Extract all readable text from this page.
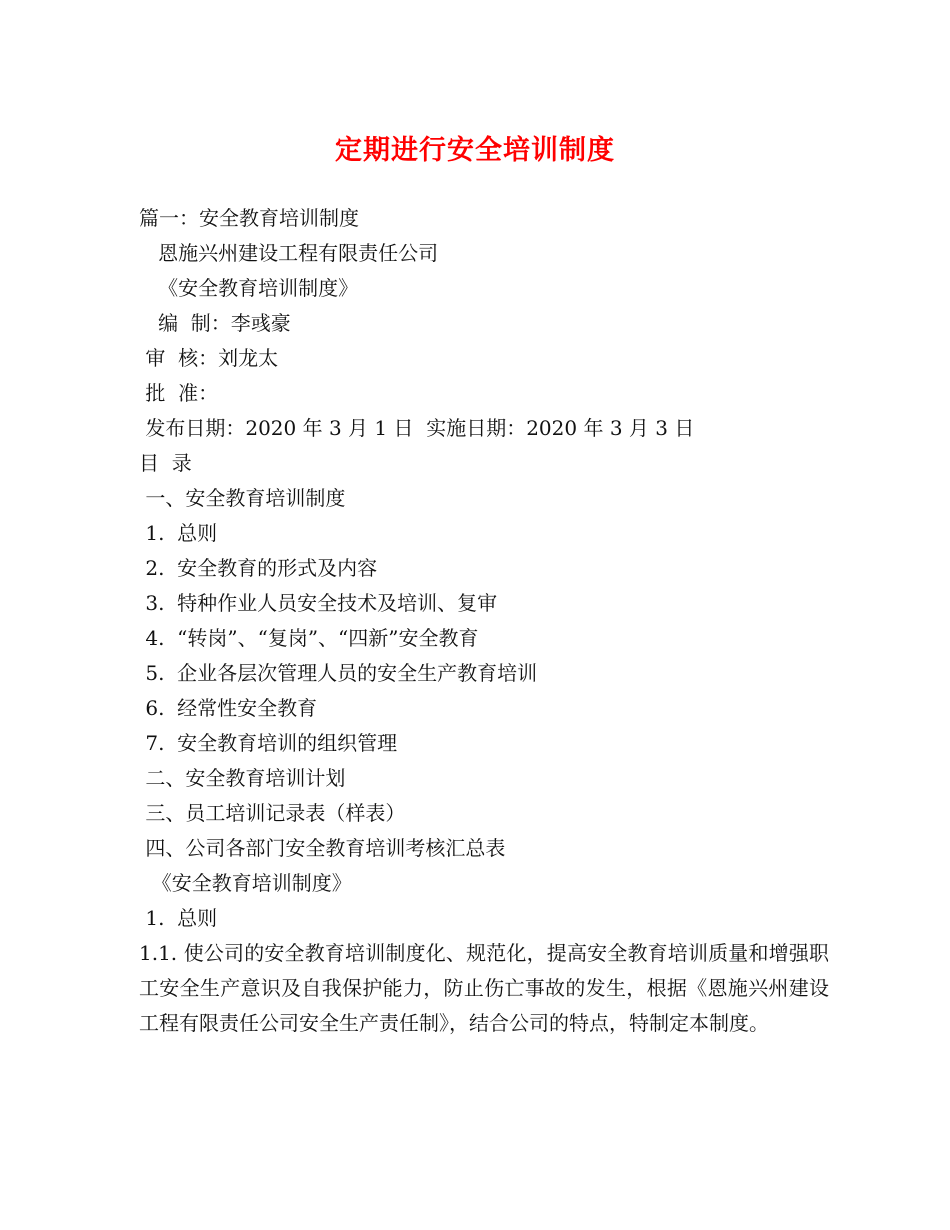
定期进行安全培训制度
篇一：安全教育培训制度
恩施兴州建设工程有限责任公司
《安全教育培训制度》
编  制：李彧豪
审  核：刘龙太
批  准：
发布日期：2020 年 3 月 1 日  实施日期：2020 年 3 月 3 日
目  录
一、安全教育培训制度
1.  总则
2.  安全教育的形式及内容
3.  特种作业人员安全技术及培训、复审
4.  “转岗”、“复岗”、“四新”安全教育
5.  企业各层次管理人员的安全生产教育培训
6.  经常性安全教育
7.  安全教育培训的组织管理
二、安全教育培训计划
三、员工培训记录表（样表）
四、公司各部门安全教育培训考核汇总表
《安全教育培训制度》
1.  总则
1.1. 使公司的安全教育培训制度化、规范化，提高安全教育培训质量和增强职工安全生产意识及自我保护能力，防止伤亡事故的发生，根据《恩施兴州建设工程有限责任公司安全生产责任制》，结合公司的特点，特制定本制度。
